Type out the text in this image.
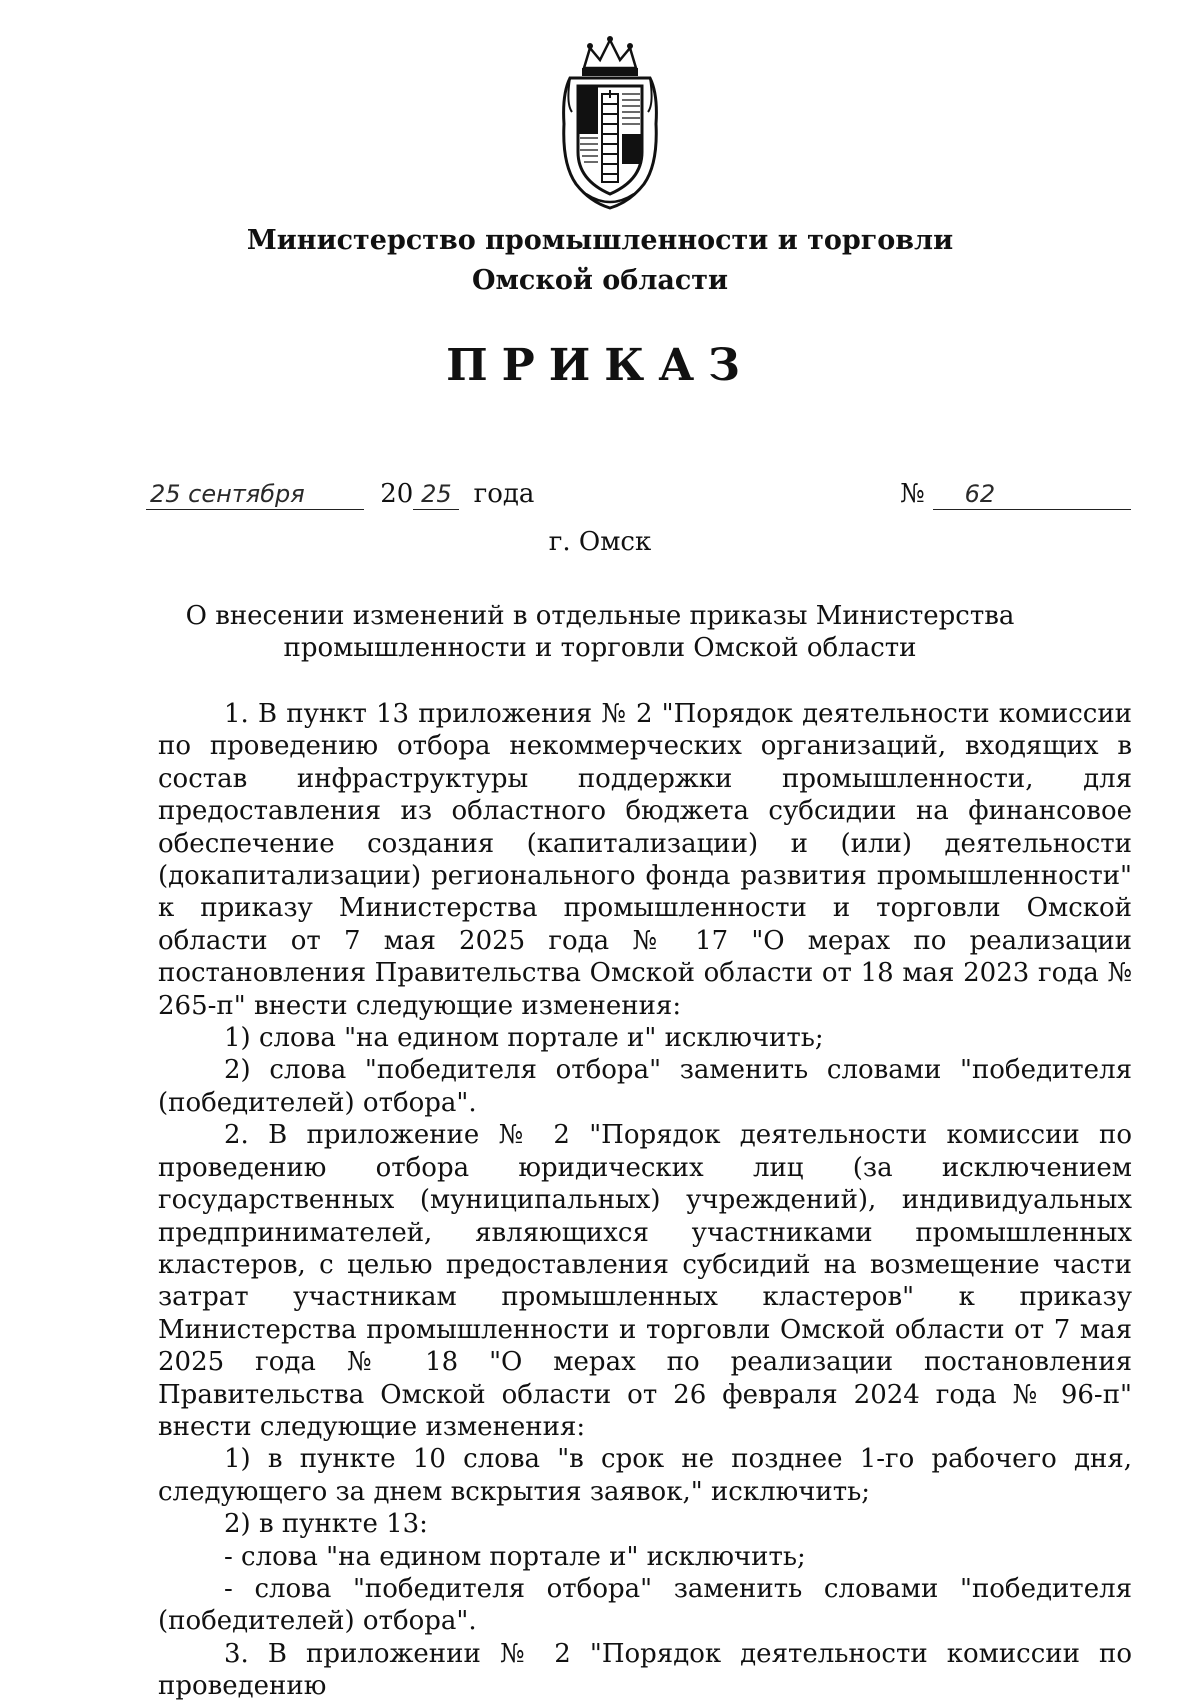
Министерство промышленности и торговли
Омской области
ПРИКАЗ
25 сентября	20 25 года	№ 62
г. Омск
О внесении изменений в отдельные приказы Министерства
промышленности и торговли Омской области

1. В пункт 13 приложения № 2 "Порядок деятельности комиссии по проведению отбора некоммерческих организаций, входящих в состав инфраструктуры поддержки промышленности, для предоставления из областного бюджета субсидии на финансовое обеспечение создания (капитализации) и (или) деятельности (докапитализации) регионального фонда развития промышленности" к приказу Министерства промышленности и торговли Омской области от 7 мая 2025 года № 17 "О мерах по реализации постановления Правительства Омской области от 18 мая 2023 года № 265-п" внести следующие изменения:

1) слова "на едином портале и" исключить;

2) слова "победителя отбора" заменить словами "победителя (победителей) отбора".

2. В приложение № 2 "Порядок деятельности комиссии по проведению отбора юридических лиц (за исключением государственных (муниципальных) учреждений), индивидуальных предпринимателей, являющихся участниками промышленных кластеров, с целью предоставления субсидий на возмещение части затрат участникам промышленных кластеров" к приказу Министерства промышленности и торговли Омской области от 7 мая 2025 года № 18 "О мерах по реализации постановления Правительства Омской области от 26 февраля 2024 года № 96-п" внести следующие изменения:

1) в пункте 10 слова "в срок не позднее 1-го рабочего дня, следующего за днем вскрытия заявок," исключить;

2) в пункте 13:

- слова "на едином портале и" исключить;

- слова "победителя отбора" заменить словами "победителя (победителей) отбора".

3. В приложении № 2 "Порядок деятельности комиссии по проведению
